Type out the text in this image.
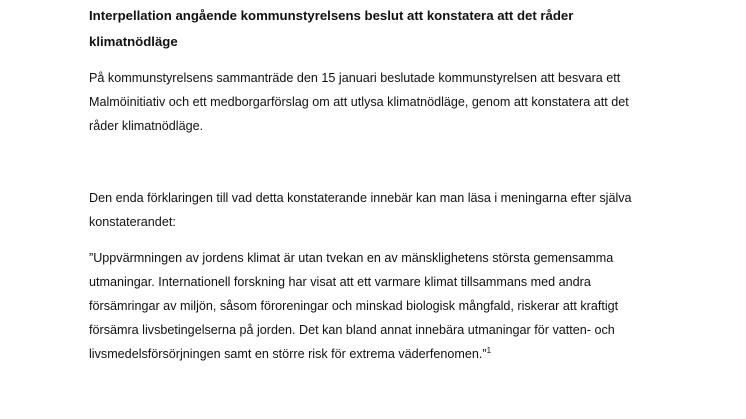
Interpellation angående kommunstyrelsens beslut att konstatera att det råder
klimatnödläge
På kommunstyrelsens sammanträde den 15 januari beslutade kommunstyrelsen att besvara ett
Malmöinitiativ och ett medborgarförslag om att utlysa klimatnödläge, genom att konstatera att det
råder klimatnödläge.
Den enda förklaringen till vad detta konstaterande innebär kan man läsa i meningarna efter själva
konstaterandet:
”Uppvärmningen av jordens klimat är utan tvekan en av mänsklighetens största gemensamma
utmaningar. Internationell forskning har visat att ett varmare klimat tillsammans med andra
försämringar av miljön, såsom föroreningar och minskad biologisk mångfald, riskerar att kraftigt
försämra livsbetingelserna på jorden. Det kan bland annat innebära utmaningar för vatten- och
livsmedelsförsörjningen samt en större risk för extrema väderfenomen.”$^1$
